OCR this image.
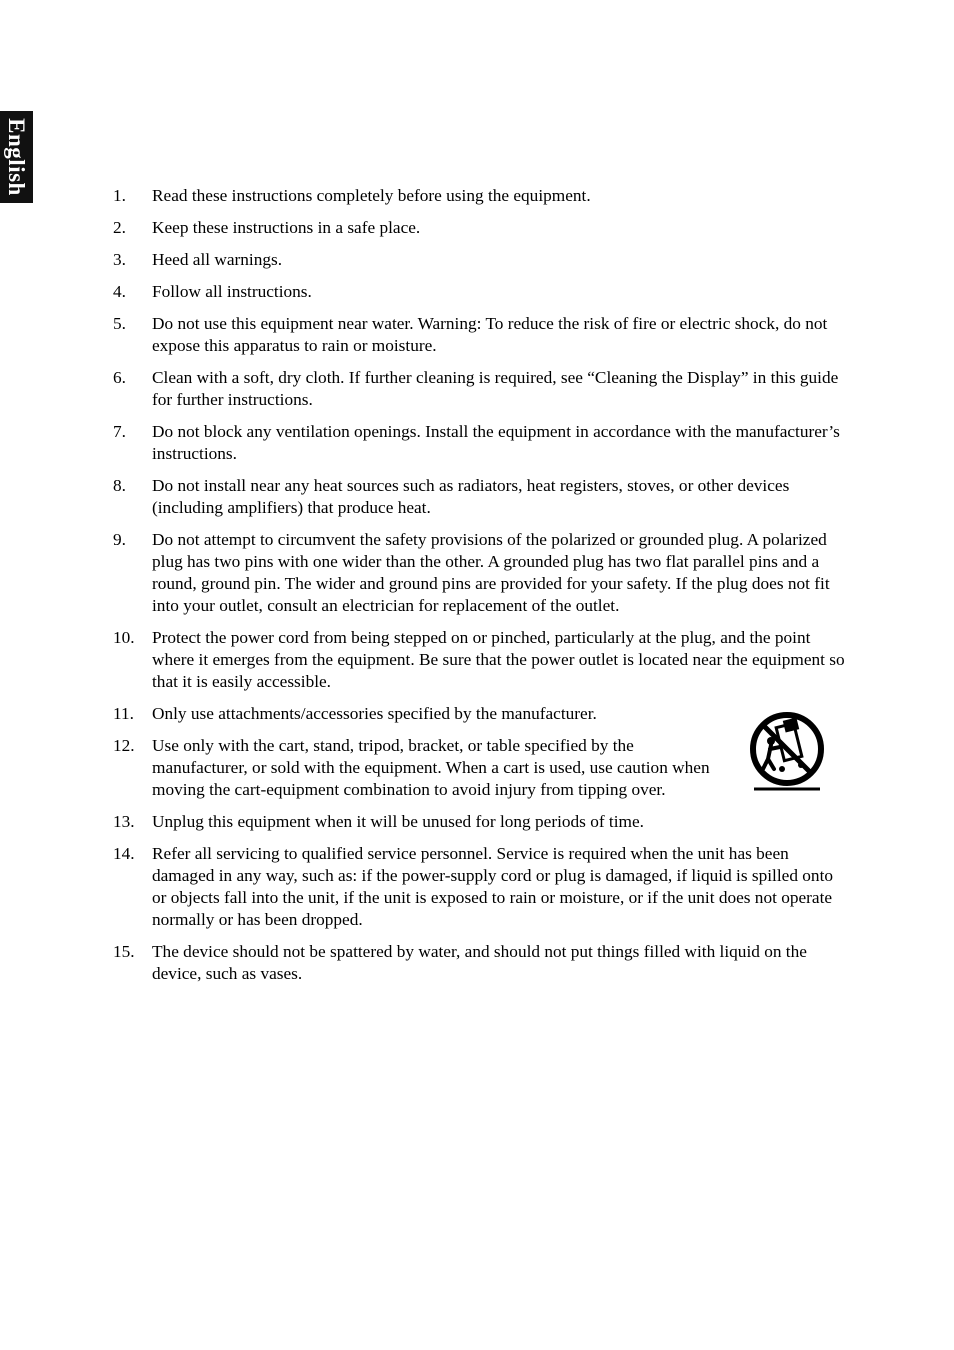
English	1.	Read these instructions completely before using the equipment.
2.	Keep these instructions in a safe place.
3.	Heed all warnings.
4.	Follow all instructions.
5.	Do not use this equipment near water. Warning: To reduce the risk of fire or electric shock, do not expose this apparatus to rain or moisture.
6.	Clean with a soft, dry cloth. If further cleaning is required, see “Cleaning the Display” in this guide for further instructions.
7.	Do not block any ventilation openings. Install the equipment in accordance with the manufacturer’s instructions.
8.	Do not install near any heat sources such as radiators, heat registers, stoves, or other devices (including amplifiers) that produce heat.
9.	Do not attempt to circumvent the safety provisions of the polarized or grounded plug. A polarized plug has two pins with one wider than the other. A grounded plug has two flat parallel pins and a round, ground pin. The wider and ground pins are provided for your safety. If the plug does not fit into your outlet, consult an electrician for replacement of the outlet.
10.	Protect the power cord from being stepped on or pinched, particularly at the plug, and the point where it emerges from the equipment. Be sure that the power outlet is located near the equipment so that it is easily accessible.
11.	Only use attachments/accessories specified by the manufacturer.
12.	Use only with the cart, stand, tripod, bracket, or table specified by the manufacturer, or sold with the equipment. When a cart is used, use caution when moving the cart-equipment combination to avoid injury from tipping over.
13.	Unplug this equipment when it will be unused for long periods of time.
14.	Refer all servicing to qualified service personnel. Service is required when the unit has been damaged in any way, such as: if the power-supply cord or plug is damaged, if liquid is spilled onto or objects fall into the unit, if the unit is exposed to rain or moisture, or if the unit does not operate normally or has been dropped.
15.	The device should not be spattered by water, and should not put things filled with liquid on the device, such as vases.
